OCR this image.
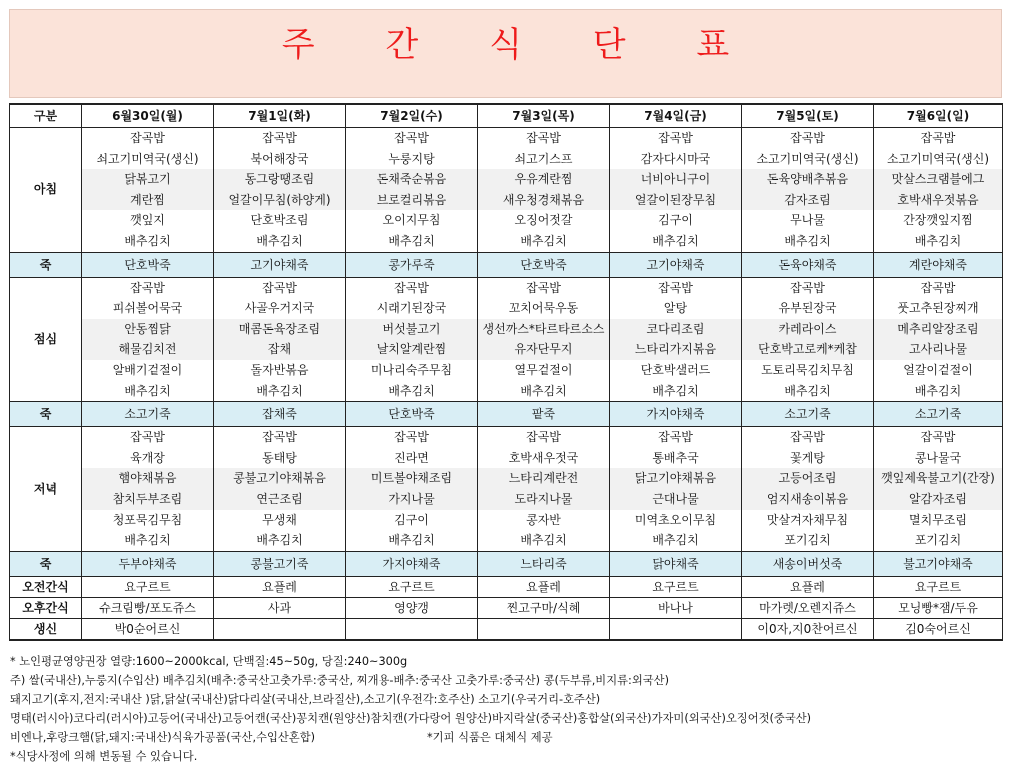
주 간 식 단 표
구분	6월30일(월)	7월1일(화)	7월2일(수)	7월3일(목)	7월4일(금)	7월5일(토)	7월6일(일)
아침	잡곡밥	잡곡밥	잡곡밥	잡곡밥	잡곡밥	잡곡밥	잡곡밥
	쇠고기미역국(생신)	북어해장국	누룽지탕	쇠고기스프	감자다시마국	소고기미역국(생신)	소고기미역국(생신)
	닭볶고기	동그랑땡조림	돈채죽순볶음	우유계란찜	너비아니구이	돈육양배추볶음	맛살스크램블에그
	계란찜	얼갈이무침(하양게)	브로컬리볶음	새우청경채볶음	얼갈이된장무침	감자조림	호박새우젓볶음
	깻잎지	단호박조림	오이지무침	오징어젓갈	김구이	무나물	간장깻잎지찜
	배추김치	배추김치	배추김치	배추김치	배추김치	배추김치	배추김치
죽	단호박죽	고기야채죽	콩가루죽	단호박죽	고기야채죽	돈육야채죽	계란야채죽
점심	잡곡밥	잡곡밥	잡곡밥	잡곡밥	잡곡밥	잡곡밥	잡곡밥
	피쉬볼어묵국	사골우거지국	시래기된장국	꼬치어묵우동	알탕	유부된장국	풋고추된장찌개
	안동찜닭	매콤돈육장조림	버섯불고기	생선까스*타르타르소스	코다리조림	카레라이스	메추리알장조림
	해물김치전	잡채	날치알계란찜	유자단무지	느타리가지볶음	단호박고로케*케찹	고사리나물
	알배기겉절이	돌자반볶음	미나리숙주무침	열무겉절이	단호박샐러드	도토리묵김치무침	얼갈이겉절이
	배추김치	배추김치	배추김치	배추김치	배추김치	배추김치	배추김치
죽	소고기죽	잡채죽	단호박죽	팥죽	가지야채죽	소고기죽	소고기죽
저녁	잡곡밥	잡곡밥	잡곡밥	잡곡밥	잡곡밥	잡곡밥	잡곡밥
	육개장	동태탕	진라면	호박새우젓국	통배추국	꽃게탕	콩나물국
	햄야채볶음	콩불고기야채볶음	미트볼야채조림	느타리계란전	닭고기야채볶음	고등어조림	깻잎제육불고기(간장)
	참치두부조림	연근조림	가지나물	도라지나물	근대나물	엄지새송이볶음	알감자조림
	청포묵김무침	무생채	김구이	콩자반	미역초오이무침	맛살겨자채무침	멸치무조림
	배추김치	배추김치	배추김치	배추김치	배추김치	포기김치	포기김치
죽	두부야채죽	콩불고기죽	가지야채죽	느타리죽	닭야채죽	새송이버섯죽	불고기야채죽
오전간식	요구르트	요플레	요구르트	요플레	요구르트	요플레	요구르트
오후간식	슈크림빵/포도쥬스	사과	영양갱	찐고구마/식혜	바나나	마가렛/오렌지쥬스	모닝빵*잼/두유
생신	박0순어르신					이0자,지0찬어르신	김0숙어르신
* 노인평균영양권장 열량:1600~2000kcal, 단백질:45~50g, 당질:240~300g
주) 쌀(국내산),누룽지(수입산) 배추김치(배추:중국산고춧가루:중국산, 찌개용-배추:중국산 고춧가루:중국산) 콩(두부류,비지류:외국산)
돼지고기(후지,전지:국내산 )닭,닭살(국내산)닭다리살(국내산,브라질산),소고기(우전각:호주산) 소고기(우국거리-호주산)
명태(러시아)코다리(러시아)고등어(국내산)고등어캔(국산)꽁치캔(원양산)참치캔(가다랑어 원양산)바지락살(중국산)홍합살(외국산)가자미(외국산)오징어젓(중국산)
비엔나,후랑크햄(닭,돼지:국내산)식육가공품(국산,수입산혼합)	*기피 식품은 대체식 제공
*식당사정에 의해 변동될 수 있습니다.
